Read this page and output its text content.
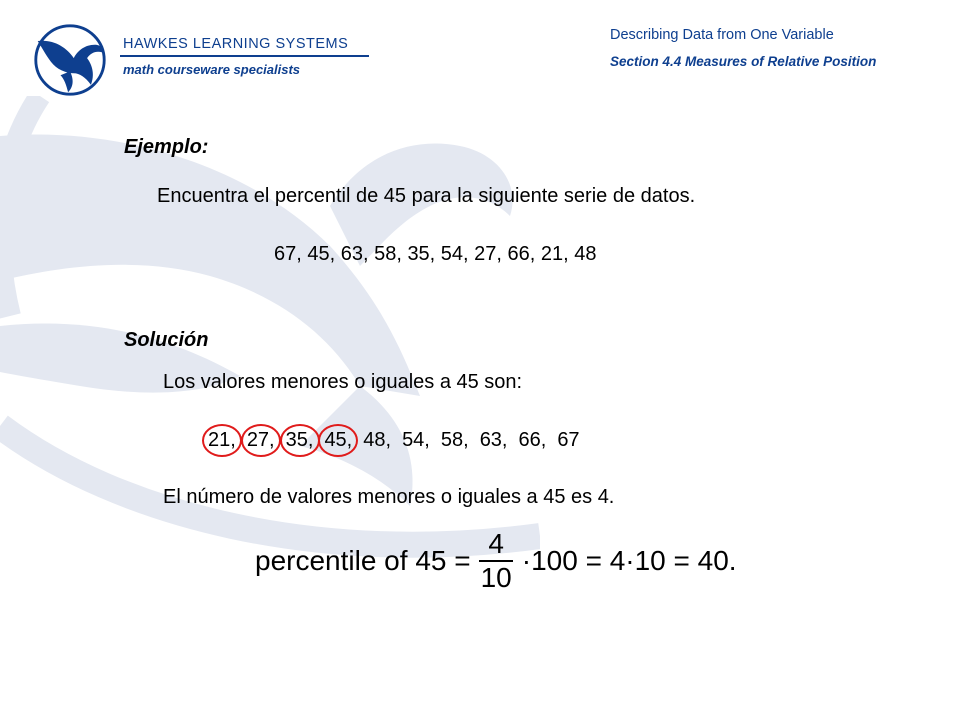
HAWKES LEARNING SYSTEMS
math courseware specialists
Describing Data from One Variable
Section 4.4 Measures of Relative Position
Ejemplo:
Encuentra el percentil de 45 para la siguiente serie de datos.
67, 45, 63, 58, 35, 54, 27, 66, 21, 48
Solución
Los valores menores o iguales a 45 son:
21, 27, 35, 45, 48, 54, 58, 63, 66, 67
El número de valores menores o iguales a 45 es 4.
percentile of $45 = \frac{4}{10} \cdot 100 = 4\cdot 10 = 40$.
